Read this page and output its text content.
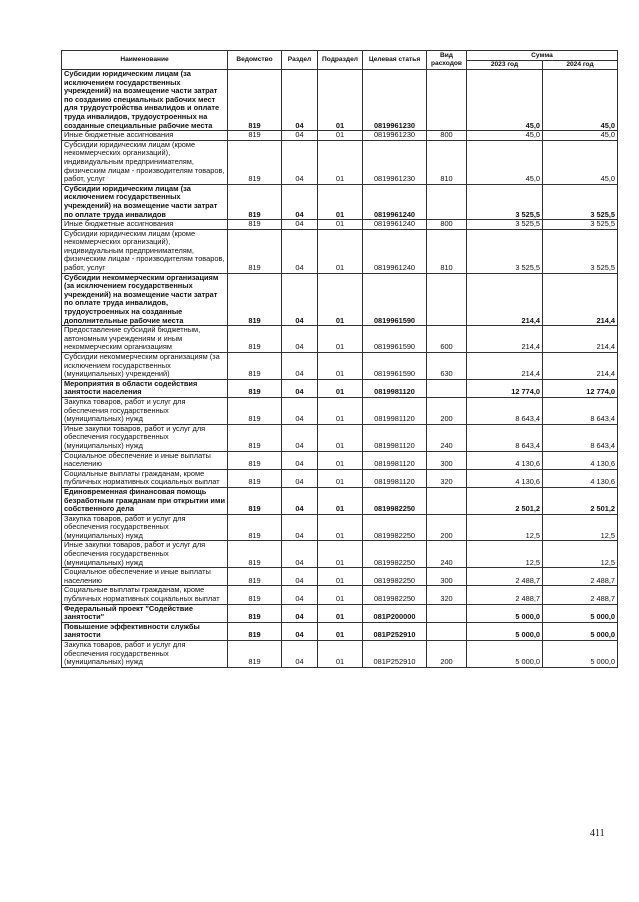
Наименование	Ведомство	Раздел	Подраздел	Целевая статья	Вид расходов	Сумма	
						2023 год	2024 год
Субсидии юридическим лицам (за исключением государственных учреждений) на возмещение части затрат по созданию специальных рабочих мест для трудоустройства инвалидов и оплате труда инвалидов, трудоустроенных на созданные специальные рабочие места	819	04	01	0819961230		45,0	45,0
Иные бюджетные ассигнования	819	04	01	0819961230	800	45,0	45,0
Субсидии юридическим лицам (кроме некоммерческих организаций), индивидуальным предпринимателям, физическим лицам - производителям товаров, работ, услуг	819	04	01	0819961230	810	45,0	45,0
Субсидии юридическим лицам (за исключением государственных учреждений) на возмещение части затрат по оплате труда инвалидов	819	04	01	0819961240		3 525,5	3 525,5
Иные бюджетные ассигнования	819	04	01	0819961240	800	3 525,5	3 525,5
Субсидии юридическим лицам (кроме некоммерческих организаций), индивидуальным предпринимателям, физическим лицам - производителям товаров, работ, услуг	819	04	01	0819961240	810	3 525,5	3 525,5
Субсидии некоммерческим организациям (за исключением государственных учреждений) на возмещение части затрат по оплате труда инвалидов, трудоустроенных на созданные дополнительные рабочие места	819	04	01	0819961590		214,4	214,4
Предоставление субсидий бюджетным, автономным учреждениям и иным некоммерческим организациям	819	04	01	0819961590	600	214,4	214,4
Субсидии некоммерческим организациям (за исключением государственных (муниципальных) учреждений)	819	04	01	0819961590	630	214,4	214,4
Мероприятия в области содействия занятости населения	819	04	01	0819981120		12 774,0	12 774,0
Закупка товаров, работ и услуг для обеспечения государственных (муниципальных) нужд	819	04	01	0819981120	200	8 643,4	8 643,4
Иные закупки товаров, работ и услуг для обеспечения государственных (муниципальных) нужд	819	04	01	0819981120	240	8 643,4	8 643,4
Социальное обеспечение и иные выплаты населению	819	04	01	0819981120	300	4 130,6	4 130,6
Социальные выплаты гражданам, кроме публичных нормативных социальных выплат	819	04	01	0819981120	320	4 130,6	4 130,6
Единовременная финансовая помощь безработным гражданам при открытии ими собственного дела	819	04	01	0819982250		2 501,2	2 501,2
Закупка товаров, работ и услуг для обеспечения государственных (муниципальных) нужд	819	04	01	0819982250	200	12,5	12,5
Иные закупки товаров, работ и услуг для обеспечения государственных (муниципальных) нужд	819	04	01	0819982250	240	12,5	12,5
Социальное обеспечение и иные выплаты населению	819	04	01	0819982250	300	2 488,7	2 488,7
Социальные выплаты гражданам, кроме публичных нормативных социальных выплат	819	04	01	0819982250	320	2 488,7	2 488,7
Федеральный проект "Содействие занятости"	819	04	01	081P200000		5 000,0	5 000,0
Повышение эффективности службы занятости	819	04	01	081P252910		5 000,0	5 000,0
Закупка товаров, работ и услуг для обеспечения государственных (муниципальных) нужд	819	04	01	081P252910	200	5 000,0	5 000,0
411
